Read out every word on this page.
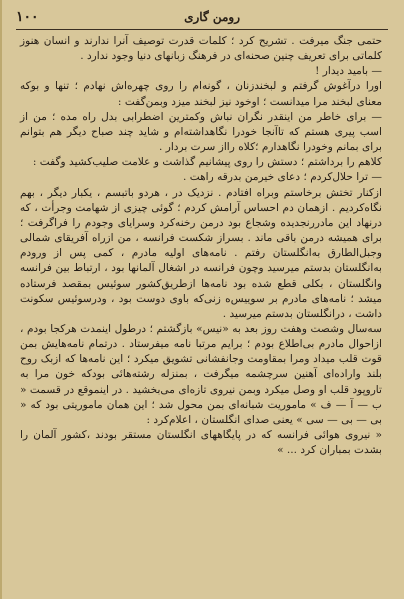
۱۰۰	رومن گاری

حتمی جنگ میرفت . تشریح کرد ؛ کلمات قدرت توصیف آنرا ندارند و انسان هنوز کلماتی برای تعریف چنین صحنه‌ای در فرهنگ زبانهای دنیا وجود ندارد .

— بامید دیدار !

اورا درآغوش گرفتم و لبخندزنان ، گونه‌ام را روی چهره‌اش نهادم ؛ تنها و بوکه معنای لبخند مرا میدانست ؛ اوخود نیز لبخند میزد وبمن‌گفت :

— برای خاطر من اینقدر نگران نباش وکمترین اضطرابی بدل راه مده ؛ من از اسب پیری هستم که تاآنجا خودرا نگاهداشته‌ام و شاید چند صباح دیگر هم بتوانم برای بمانم وخودرا نگاهدارم ؛کلاه رااز سرت بردار .

کلاهم را برداشتم ؛ دستش را روی پیشانیم گذاشت و علامت صلیب‌کشید وگفت :

— ترا حلال‌کردم ؛ دعای خیرمن بدرقه راهت .

ازکنار تختش برخاستم وبراه افتادم . نزدیک در ، هردو باتبسم ، یکبار دیگر ، بهم نگاه‌کردیم . ازهمان دم احساس آرامش کردم ؛ گوئی چیزی از شهامت وجرأت ، که درنهاد این مادررنجدیده وشجاع بود درمن رخنه‌کرد وسرایای وجودم را فراگرفت ؛ برای همیشه درمن باقی ماند . بسراز شکست فرانسه ، من ازراه آفریقای شمالی وجبل‌الطارق به‌انگلستان رفتم . نامه‌های اولیه مادرم ، کمی پس از ورودم به‌انگلستان بدستم میرسید وچون فرانسه در اشغال آلمانها بود ، ارتباط بین فرانسه وانگلستان ، بکلی قطع شده بود نامه‌ها ازطریق‌کشور سوئیس بمقصد فرستاده میشد ؛ نامه‌های مادرم بر سوییس‌ه زنی‌که باوی دوست بود ، ودرسوئیس سکونت داشت ، درانگلستان بدستم میرسید .

سه‌سال وشصت وهفت روز بعد به «نیس» بازگشتم ؛ درطول اینمدت هرکجا بودم ، ازاحوال مادرم بی‌اطلاع بودم ؛ برایم مرتبا نامه میفرستاد . درتمام نامه‌هایش بمن قوت قلب میداد ومرا بمقاومت وجانفشانی تشویق میکرد ؛ این نامه‌ها که ازبک روح بلند واراده‌ای آهنین سرچشمه میگرفت ، بمنزله رشته‌هائی بودکه خون مرا به تاروپود قلب او وصل میکرد وبمن نیروی تازه‌ای می‌بخشید . در اینموقع در قسمت « ب — آ — ف » ماموریت شبانه‌ای بمن محول شد ؛ این همان ماموریتی بود که « بی — بی — سی » یعنی صدای انگلستان ، اعلام‌کرد :

« نیروی هوائی فرانسه که در پایگاههای انگلستان مستقر بودند ،کشور آلمان را بشدت بمباران کرد ... »
